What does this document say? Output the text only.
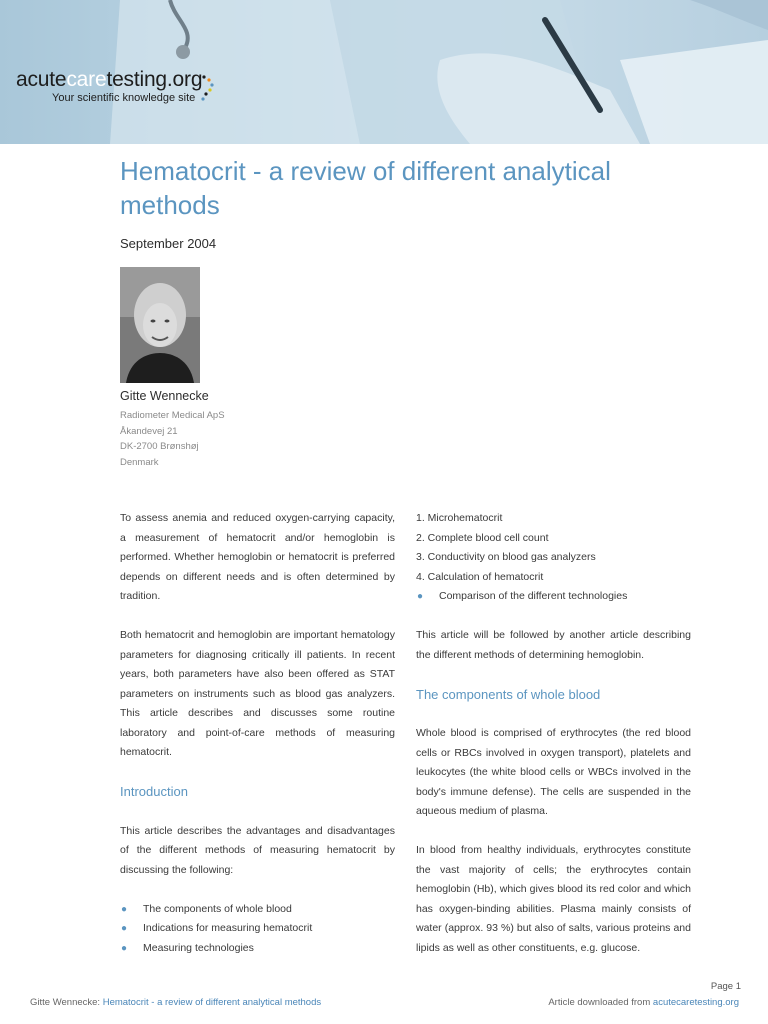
acutecaretesting.org
Your scientific knowledge site
Hematocrit - a review of different analytical methods
September 2004
Gitte Wennecke
Radiometer Medical ApS
Åkandevej 21
DK-2700 Brønshøj
Denmark

To assess anemia and reduced oxygen-carrying capacity, a measurement of hematocrit and/or hemoglobin is performed. Whether hemoglobin or hematocrit is preferred depends on different needs and is often determined by tradition.

Both hematocrit and hemoglobin are important hematology parameters for diagnosing critically ill patients. In recent years, both parameters have also been offered as STAT parameters on instruments such as blood gas analyzers. This article describes and discusses some routine laboratory and point-of-care methods of measuring hematocrit.

Introduction

This article describes the advantages and disadvantages of the different methods of measuring hematocrit by discussing the following:

● The components of whole blood
● Indications for measuring hematocrit
● Measuring technologies
1. Microhematocrit
2. Complete blood cell count
3. Conductivity on blood gas analyzers
4. Calculation of hematocrit
● Comparison of the different technologies

This article will be followed by another article describing the different methods of determining hemoglobin.

The components of whole blood

Whole blood is comprised of erythrocytes (the red blood cells or RBCs involved in oxygen transport), platelets and leukocytes (the white blood cells or WBCs involved in the body's immune defense). The cells are suspended in the aqueous medium of plasma.

In blood from healthy individuals, erythrocytes constitute the vast majority of cells; the erythrocytes contain hemoglobin (Hb), which gives blood its red color and which has oxygen-binding abilities. Plasma mainly consists of water (approx. 93 %) but also of salts, various proteins and lipids as well as other constituents, e.g. glucose.

Page 1
Gitte Wennecke: Hematocrit - a review of different analytical methods	Article downloaded from acutecaretesting.org
